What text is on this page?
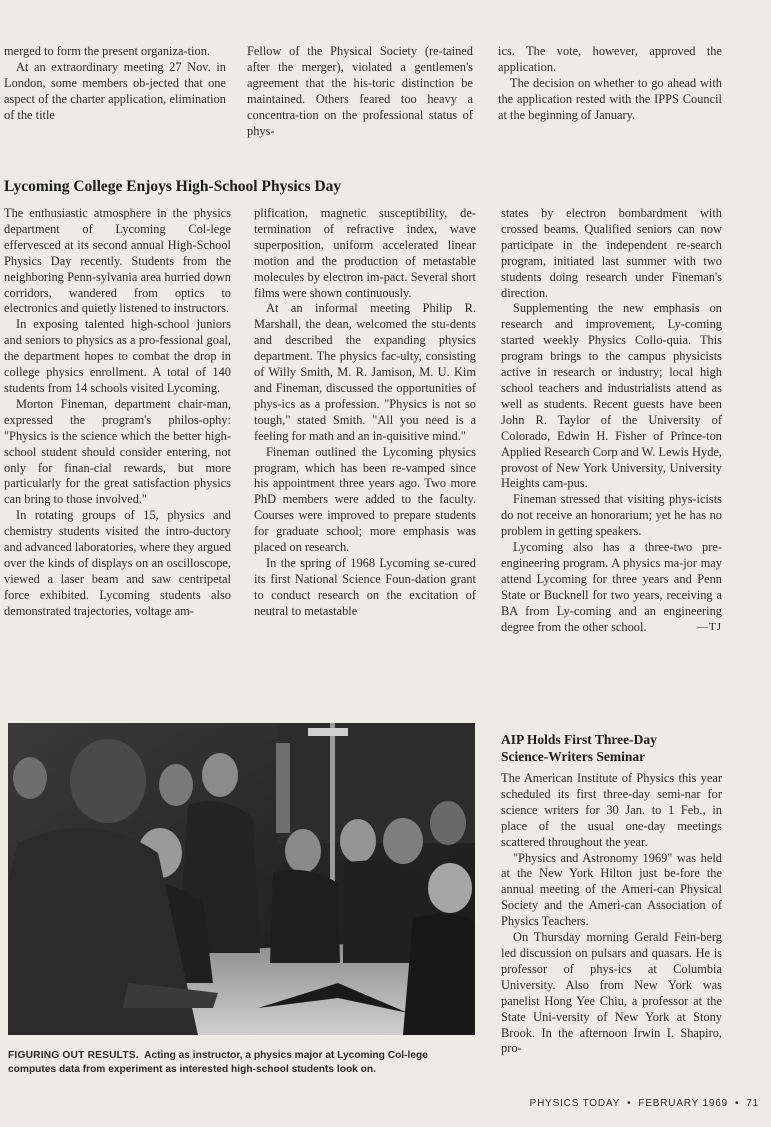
merged to form the present organiza-tion.

At an extraordinary meeting 27 Nov. in London, some members ob-jected that one aspect of the charter application, elimination of the title

Fellow of the Physical Society (re-tained after the merger), violated a gentlemen's agreement that the his-toric distinction be maintained. Others feared too heavy a concentra-tion on the professional status of phys-

ics. The vote, however, approved the application.

The decision on whether to go ahead with the application rested with the IPPS Council at the beginning of January.

Lycoming College Enjoys High-School Physics Day

The enthusiastic atmosphere in the physics department of Lycoming Col-lege effervesced at its second annual High-School Physics Day recently. Students from the neighboring Penn-sylvania area hurried down corridors, wandered from optics to electronics and quietly listened to instructors.

In exposing talented high-school juniors and seniors to physics as a pro-fessional goal, the department hopes to combat the drop in college physics enrollment. A total of 140 students from 14 schools visited Lycoming.

Morton Fineman, department chair-man, expressed the program's philos-ophy: "Physics is the science which the better high-school student should consider entering, not only for finan-cial rewards, but more particularly for the great satisfaction physics can bring to those involved."

In rotating groups of 15, physics and chemistry students visited the intro-ductory and advanced laboratories, where they argued over the kinds of displays on an oscilloscope, viewed a laser beam and saw centripetal force exhibited. Lycoming students also demonstrated trajectories, voltage am-

plification, magnetic susceptibility, de-termination of refractive index, wave superposition, uniform accelerated linear motion and the production of metastable molecules by electron im-pact. Several short films were shown continuously.

At an informal meeting Philip R. Marshall, the dean, welcomed the stu-dents and described the expanding physics department. The physics fac-ulty, consisting of Willy Smith, M. R. Jamison, M. U. Kim and Fineman, discussed the opportunities of phys-ics as a profession. "Physics is not so tough," stated Smith. "All you need is a feeling for math and an in-quisitive mind."

Fineman outlined the Lycoming physics program, which has been re-vamped since his appointment three years ago. Two more PhD members were added to the faculty. Courses were improved to prepare students for graduate school; more emphasis was placed on research.

In the spring of 1968 Lycoming se-cured its first National Science Foun-dation grant to conduct research on the excitation of neutral to metastable

states by electron bombardment with crossed beams. Qualified seniors can now participate in the independent re-search program, initiated last summer with two students doing research under Fineman's direction.

Supplementing the new emphasis on research and improvement, Ly-coming started weekly Physics Collo-quia. This program brings to the campus physicists active in research or industry; local high school teachers and industrialists attend as well as students. Recent guests have been John R. Taylor of the University of Colorado, Edwin H. Fisher of Prince-ton Applied Research Corp and W. Lewis Hyde, provost of New York University, University Heights cam-pus.

Fineman stressed that visiting phys-icists do not receive an honorarium; yet he has no problem in getting speakers.

Lycoming also has a three-two pre-engineering program. A physics ma-jor may attend Lycoming for three years and Penn State or Bucknell for two years, receiving a BA from Ly-coming and an engineering degree from the other school.	—TJ

FIGURING OUT RESULTS. Acting as instructor, a physics major at Lycoming Col-lege computes data from experiment as interested high-school students look on.
AIP Holds First Three-Day Science-Writers Seminar

The American Institute of Physics this year scheduled its first three-day semi-nar for science writers for 30 Jan. to 1 Feb., in place of the usual one-day meetings scattered throughout the year.

"Physics and Astronomy 1969" was held at the New York Hilton just be-fore the annual meeting of the Ameri-can Physical Society and the Ameri-can Association of Physics Teachers.

On Thursday morning Gerald Fein-berg led discussion on pulsars and quasars. He is professor of phys-ics at Columbia University. Also from New York was panelist Hong Yee Chiu, a professor at the State Uni-versity of New York at Stony Brook. In the afternoon Irwin I. Shapiro, pro-

PHYSICS TODAY • FEBRUARY 1969 • 71
